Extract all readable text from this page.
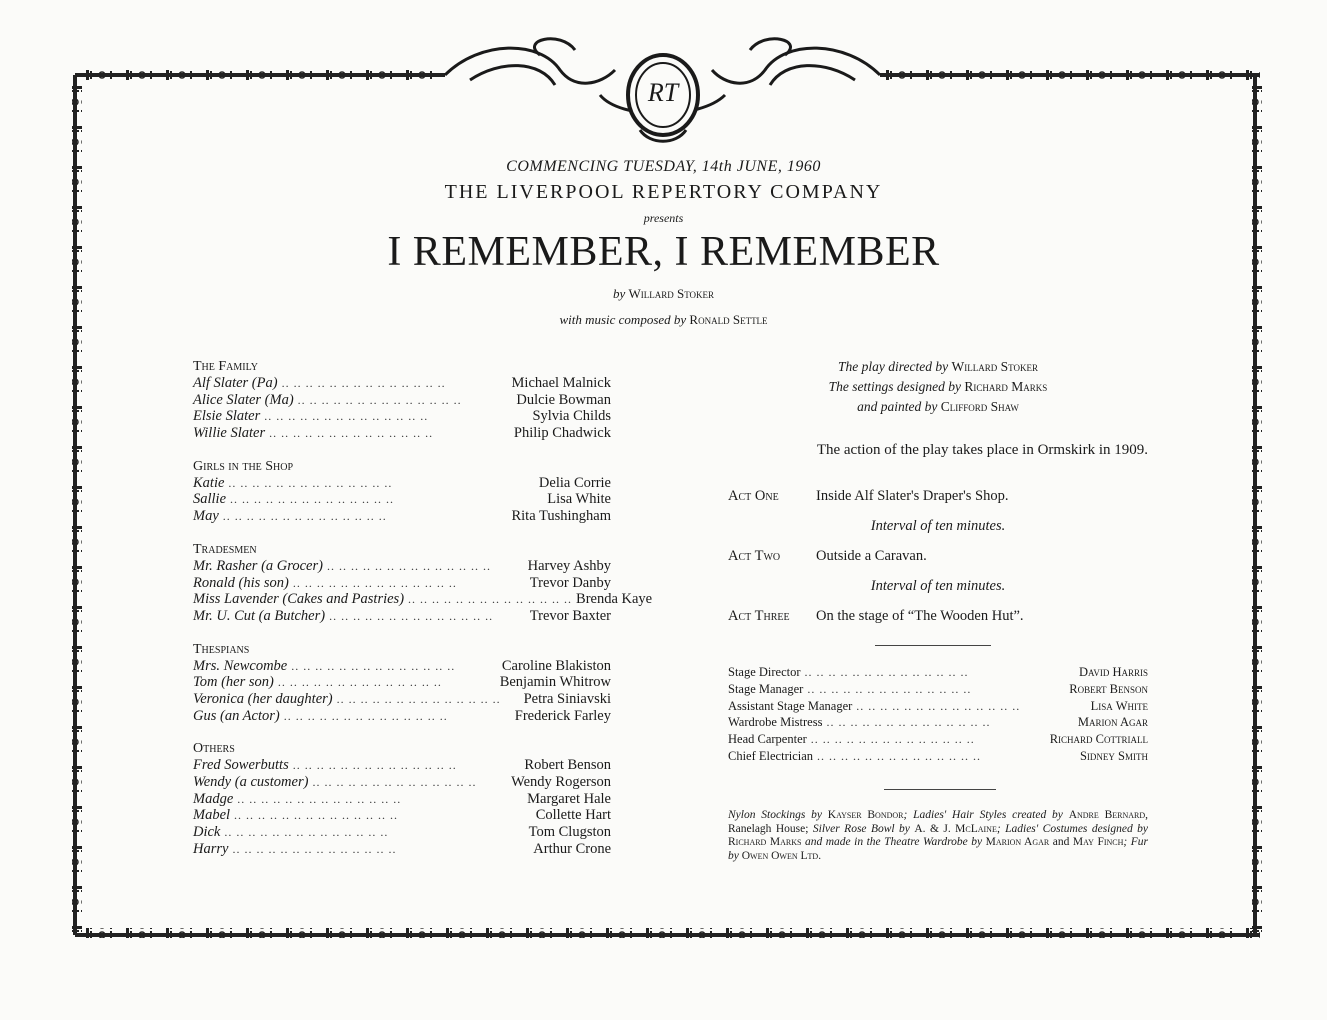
RT
COMMENCING TUESDAY, 14th JUNE, 1960
THE LIVERPOOL REPERTORY COMPANY
presents
I REMEMBER, I REMEMBER
by Willard Stoker
with music composed by Ronald Settle
The Family
Alf Slater (Pa) .. .. .. .. .. .. .. .. .. .. .. .. .. ..	Michael Malnick
Alice Slater (Ma) .. .. .. .. .. .. .. .. .. .. .. .. .. ..	Dulcie Bowman
Elsie Slater .. .. .. .. .. .. .. .. .. .. .. .. .. ..	Sylvia Childs
Willie Slater .. .. .. .. .. .. .. .. .. .. .. .. .. ..	Philip Chadwick
Girls in the Shop
Katie .. .. .. .. .. .. .. .. .. .. .. .. .. ..	Delia Corrie
Sallie .. .. .. .. .. .. .. .. .. .. .. .. .. ..	Lisa White
May .. .. .. .. .. .. .. .. .. .. .. .. .. ..	Rita Tushingham
Tradesmen
Mr. Rasher (a Grocer) .. .. .. .. .. .. .. .. .. .. .. .. .. ..	Harvey Ashby
Ronald (his son) .. .. .. .. .. .. .. .. .. .. .. .. .. ..	Trevor Danby
Miss Lavender (Cakes and Pastries) .. .. .. .. .. .. .. .. .. .. .. .. .. .. Brenda Kaye
Mr. U. Cut (a Butcher) .. .. .. .. .. .. .. .. .. .. .. .. .. ..	Trevor Baxter
Thespians
Mrs. Newcombe .. .. .. .. .. .. .. .. .. .. .. .. .. ..	Caroline Blakiston
Tom (her son) .. .. .. .. .. .. .. .. .. .. .. .. .. ..	Benjamin Whitrow
Veronica (her daughter) .. .. .. .. .. .. .. .. .. .. .. .. .. ..	Petra Siniavski
Gus (an Actor) .. .. .. .. .. .. .. .. .. .. .. .. .. ..	Frederick Farley
Others
Fred Sowerbutts .. .. .. .. .. .. .. .. .. .. .. .. .. ..	Robert Benson
Wendy (a customer) .. .. .. .. .. .. .. .. .. .. .. .. .. ..	Wendy Rogerson
Madge .. .. .. .. .. .. .. .. .. .. .. .. .. ..	Margaret Hale
Mabel .. .. .. .. .. .. .. .. .. .. .. .. .. ..	Collette Hart
Dick .. .. .. .. .. .. .. .. .. .. .. .. .. ..	Tom Clugston
Harry .. .. .. .. .. .. .. .. .. .. .. .. .. ..	Arthur Crone
The play directed by Willard Stoker
The settings designed by Richard Marks
and painted by Clifford Shaw
The action of the play takes place in Ormskirk in 1909.
Act One	Inside Alf Slater's Draper's Shop.
Interval of ten minutes.
Act Two	Outside a Caravan.
Interval of ten minutes.
Act Three	On the stage of “The Wooden Hut”.
Stage Director .. .. .. .. .. .. .. .. .. .. .. .. .. ..	David Harris
Stage Manager .. .. .. .. .. .. .. .. .. .. .. .. .. ..	Robert Benson
Assistant Stage Manager .. .. .. .. .. .. .. .. .. .. .. .. .. ..	Lisa White
Wardrobe Mistress .. .. .. .. .. .. .. .. .. .. .. .. .. ..	Marion Agar
Head Carpenter .. .. .. .. .. .. .. .. .. .. .. .. .. ..	Richard Cottriall
Chief Electrician .. .. .. .. .. .. .. .. .. .. .. .. .. ..	Sidney Smith
Nylon Stockings by Kayser Bondor; Ladies' Hair Styles created by Andre Bernard, Ranelagh House; Silver Rose Bowl by A. & J. McLaine; Ladies' Costumes designed by Richard Marks and made in the Theatre Wardrobe by Marion Agar and May Finch; Fur by Owen Owen Ltd.
